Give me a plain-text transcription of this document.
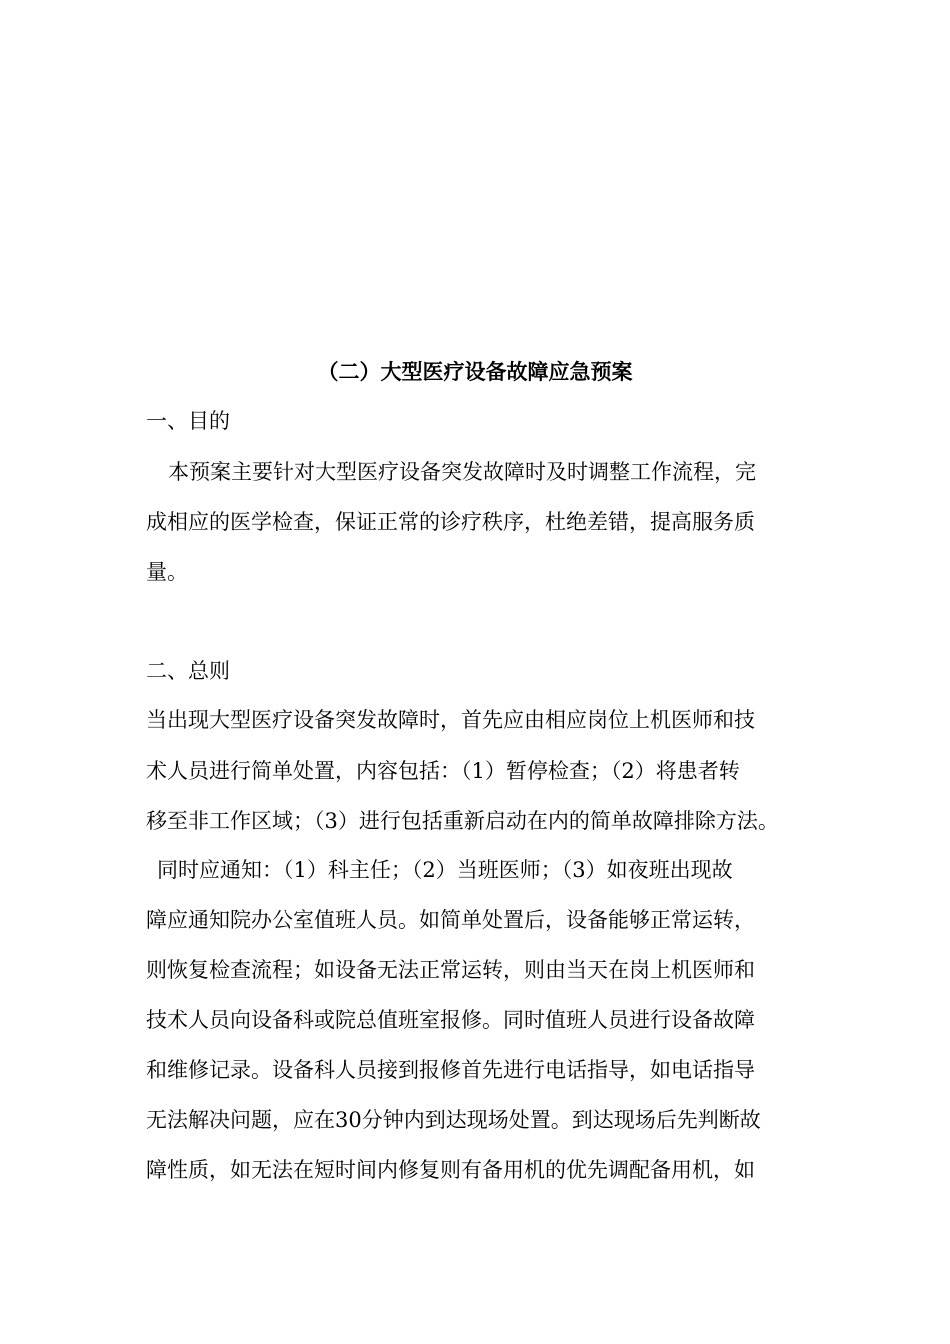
（二）大型医疗设备故障应急预案
一、目的
本预案主要针对大型医疗设备突发故障时及时调整工作流程，完
成相应的医学检查，保证正常的诊疗秩序，杜绝差错，提高服务质
量。
二、总则
当出现大型医疗设备突发故障时，首先应由相应岗位上机医师和技
术人员进行简单处置，内容包括：（1）暂停检查；（2）将患者转
移至非工作区域；（3）进行包括重新启动在内的简单故障排除方法。
同时应通知：（1）科主任；（2）当班医师；（3）如夜班出现故
障应通知院办公室值班人员。如简单处置后，设备能够正常运转，
则恢复检查流程；如设备无法正常运转，则由当天在岗上机医师和
技术人员向设备科或院总值班室报修。同时值班人员进行设备故障
和维修记录。设备科人员接到报修首先进行电话指导，如电话指导
无法解决问题，应在30分钟内到达现场处置。到达现场后先判断故
障性质，如无法在短时间内修复则有备用机的优先调配备用机，如
